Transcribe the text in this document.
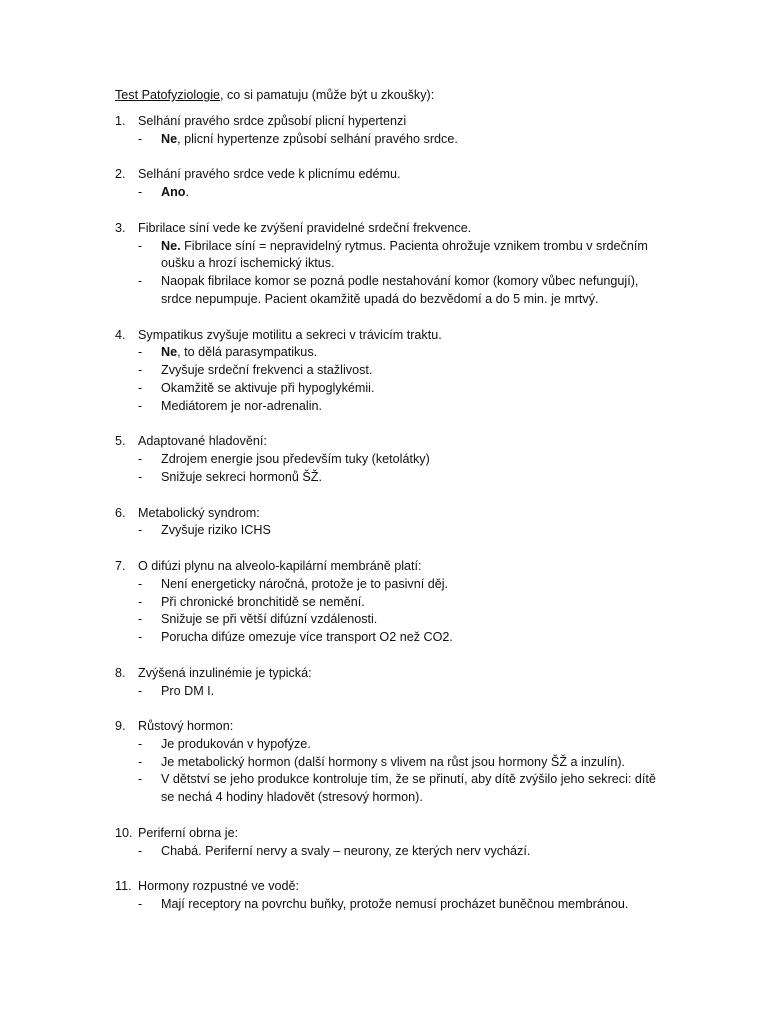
Test Patofyziologie, co si pamatuju (může být u zkoušky):
1. Selhání pravého srdce způsobí plicní hypertenzi
- Ne, plicní hypertenze způsobí selhání pravého srdce.
2. Selhání pravého srdce vede k plicnímu edému.
- Ano.
3. Fibrilace síní vede ke zvýšení pravidelné srdeční frekvence.
- Ne. Fibrilace síní = nepravidelný rytmus. Pacienta ohrožuje vznikem trombu v srdečním oušku a hrozí ischemický iktus.
- Naopak fibrilace komor se pozná podle nestahování komor (komory vůbec nefungují), srdce nepumpuje. Pacient okamžitě upadá do bezvědomí a do 5 min. je mrtvý.
4. Sympatikus zvyšuje motilitu a sekreci v trávicím traktu.
- Ne, to dělá parasympatikus.
- Zvyšuje srdeční frekvenci a stažlivost.
- Okamžitě se aktivuje při hypoglykémii.
- Mediátorem je nor-adrenalin.
5. Adaptované hladovění:
- Zdrojem energie jsou především tuky (ketolátky)
- Snižuje sekreci hormonů ŠŽ.
6. Metabolický syndrom:
- Zvyšuje riziko ICHS
7. O difúzi plynu na alveolo-kapilární membráně platí:
- Není energeticky náročná, protože je to pasivní děj.
- Při chronické bronchitidě se nemění.
- Snižuje se při větší difúzní vzdálenosti.
- Porucha difúze omezuje více transport O2 než CO2.
8. Zvýšená inzulinémie je typická:
- Pro DM I.
9. Růstový hormon:
- Je produkován v hypofýze.
- Je metabolický hormon (další hormony s vlivem na růst jsou hormony ŠŽ a inzulín).
- V dětství se jeho produkce kontroluje tím, že se přinutí, aby dítě zvýšilo jeho sekreci: dítě se nechá 4 hodiny hladovět (stresový hormon).
10. Periferní obrna je:
- Chabá. Periferní nervy a svaly – neurony, ze kterých nerv vychází.
11. Hormony rozpustné ve vodě:
- Mají receptory na povrchu buňky, protože nemusí procházet buněčnou membránou.
